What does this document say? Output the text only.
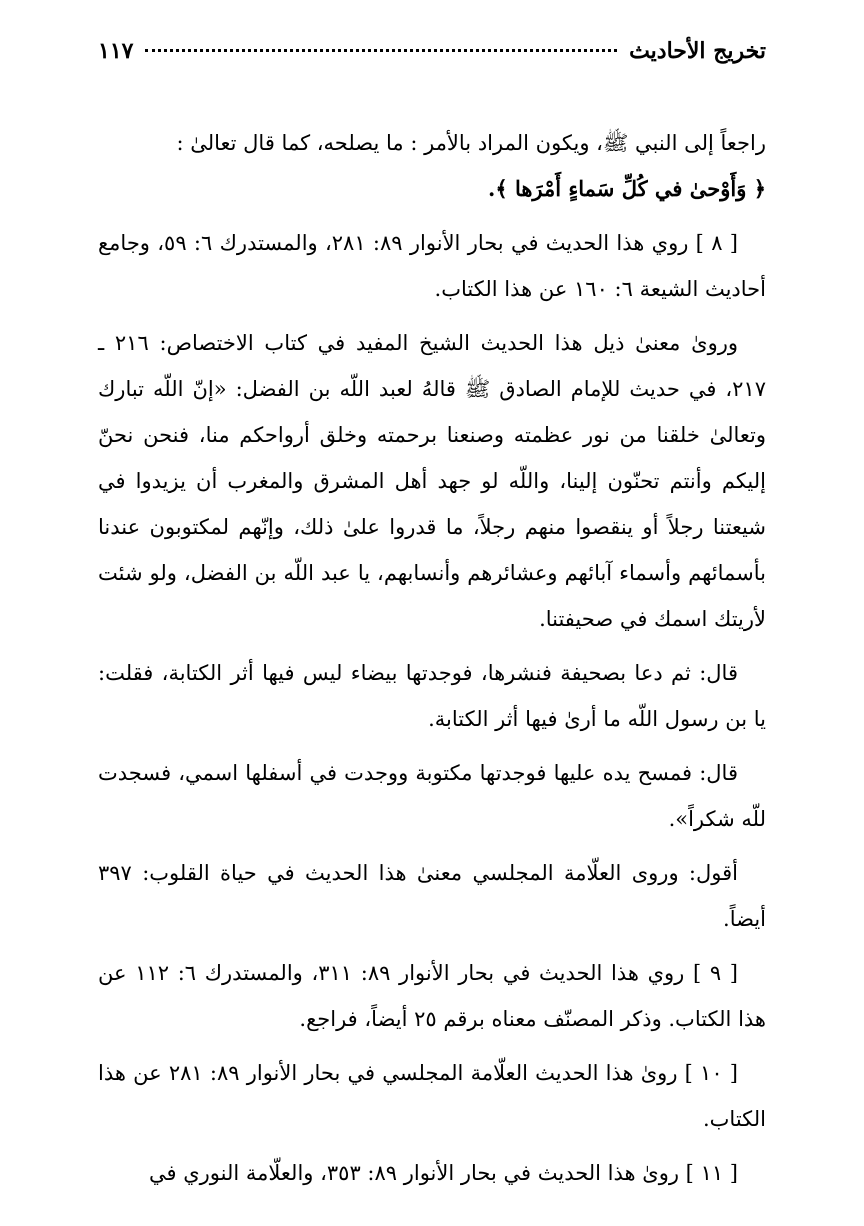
تخريج الأحاديث
١١٧

راجعاً إلى النبي ﷺ، ويكون المراد بالأمر : ما يصلحه، كما قال تعالىٰ :
﴿ وَأَوْحىٰ في كُلِّ سَماءٍ أَمْرَها ﴾.

[ ٨ ] روي هذا الحديث في بحار الأنوار ٨٩: ٢٨١، والمستدرك ٦: ٥٩، وجامع أحاديث الشيعة ٦: ١٦٠ عن هذا الكتاب.

ورویٰ معنیٰ ذيل هذا الحديث الشيخ المفيد في كتاب الاختصاص: ٢١٦ ـ ٢١٧، في حديث للإمام الصادق ﷺ قالهُ لعبد اللّه بن الفضل: «إنّ اللّه تبارك وتعالىٰ خلقنا من نور عظمته وصنعنا برحمته وخلق أرواحكم منا، فنحن نحنّ إليكم وأنتم تحنّون إلينا، واللّه لو جهد أهل المشرق والمغرب أن يزيدوا في شيعتنا رجلاً أو ينقصوا منهم رجلاً، ما قدروا علىٰ ذلك، وإنّهم لمكتوبون عندنا بأسمائهم وأسماء آبائهم وعشائرهم وأنسابهم، يا عبد اللّه بن الفضل، ولو شئت لأريتك اسمك في صحيفتنا.

قال: ثم دعا بصحيفة فنشرها، فوجدتها بيضاء ليس فيها أثر الكتابة، فقلت: يا بن رسول اللّه ما أرىٰ فيها أثر الكتابة.

قال: فمسح يده عليها فوجدتها مكتوبة ووجدت في أسفلها اسمي، فسجدت للّه شكراً».

أقول: وروى العلّامة المجلسي معنىٰ هذا الحديث في حياة القلوب: ٣٩٧ أيضاً.

[ ٩ ] روي هذا الحديث في بحار الأنوار ٨٩: ٣١١، والمستدرك ٦: ١١٢ عن هذا الكتاب. وذكر المصنّف معناه برقم ٢٥ أيضاً، فراجع.

[ ١٠ ] رویٰ هذا الحديث العلّامة المجلسي في بحار الأنوار ٨٩: ٢٨١ عن هذا الكتاب.

[ ١١ ] رویٰ هذا الحديث في بحار الأنوار ٨٩: ٣٥٣، والعلّامة النوري في
